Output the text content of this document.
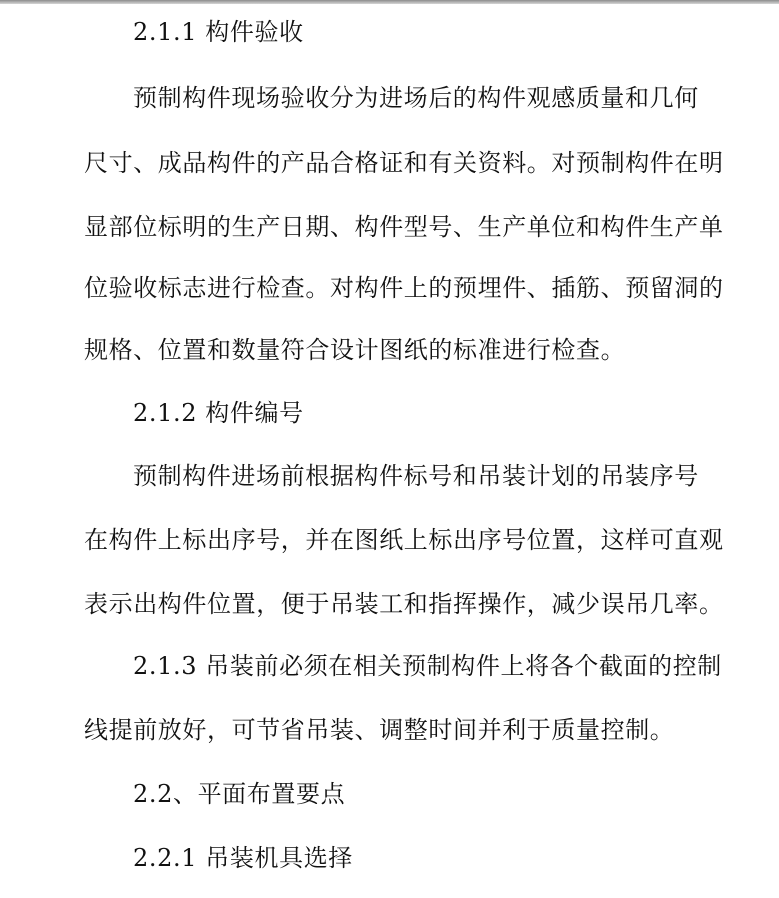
2.1.1 构件验收
预制构件现场验收分为进场后的构件观感质量和几何
尺寸、成品构件的产品合格证和有关资料。对预制构件在明
显部位标明的生产日期、构件型号、生产单位和构件生产单
位验收标志进行检查。对构件上的预埋件、插筋、预留洞的
规格、位置和数量符合设计图纸的标准进行检查。
2.1.2 构件编号
预制构件进场前根据构件标号和吊装计划的吊装序号
在构件上标出序号，并在图纸上标出序号位置，这样可直观
表示出构件位置，便于吊装工和指挥操作，减少误吊几率。
2.1.3 吊装前必须在相关预制构件上将各个截面的控制
线提前放好，可节省吊装、调整时间并利于质量控制。
2.2、平面布置要点
2.2.1 吊装机具选择
